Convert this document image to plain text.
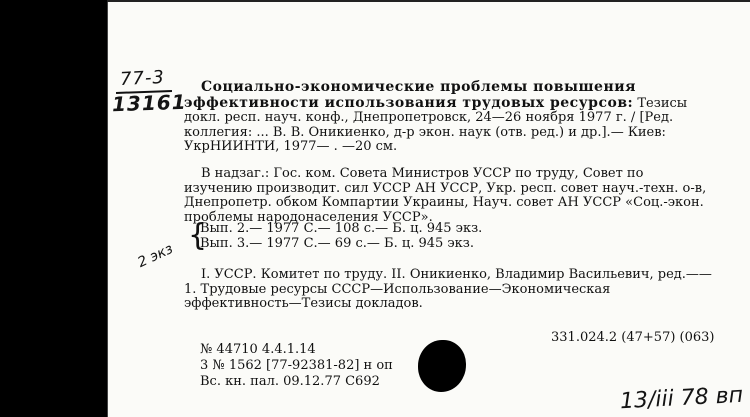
77-3
13161
Социально-экономические проблемы повышения эффективности использования трудовых ресурсов: Тезисы докл. респ. науч. конф., Днепропетровск, 24—26 ноября 1977 г. / [Ред. коллегия: ... В. В. Оникиенко, д-р экон. наук (отв. ред.) и др.].— Киев: УкрНИИНТИ, 1977— . —20 см.
В надзаг.: Гос. ком. Совета Министров УССР по труду, Совет по изучению производит. сил УССР АН УССР, Укр. респ. совет науч.-техн. о-в, Днепропетр. обком Компартии Украины, Науч. совет АН УССР «Соц.-экон. проблемы народонаселения УССР».
{
Вып. 2.— 1977 С.— 108 с.— Б. ц. 945 экз.
Вып. 3.— 1977 С.— 69 с.— Б. ц. 945 экз.
2 экз
I. УССР. Комитет по труду. II. Оникиенко, Владимир Васильевич, ред.——1. Трудовые ресурсы СССР—Использование—Экономическая эффективность—Тезисы докладов.
331.024.2 (47+57) (063)
№ 44710 4.4.1.14
3 № 1562 [77-92381-82] н оп
Вс. кн. пал. 09.12.77 С692
13/iii 78 вп
